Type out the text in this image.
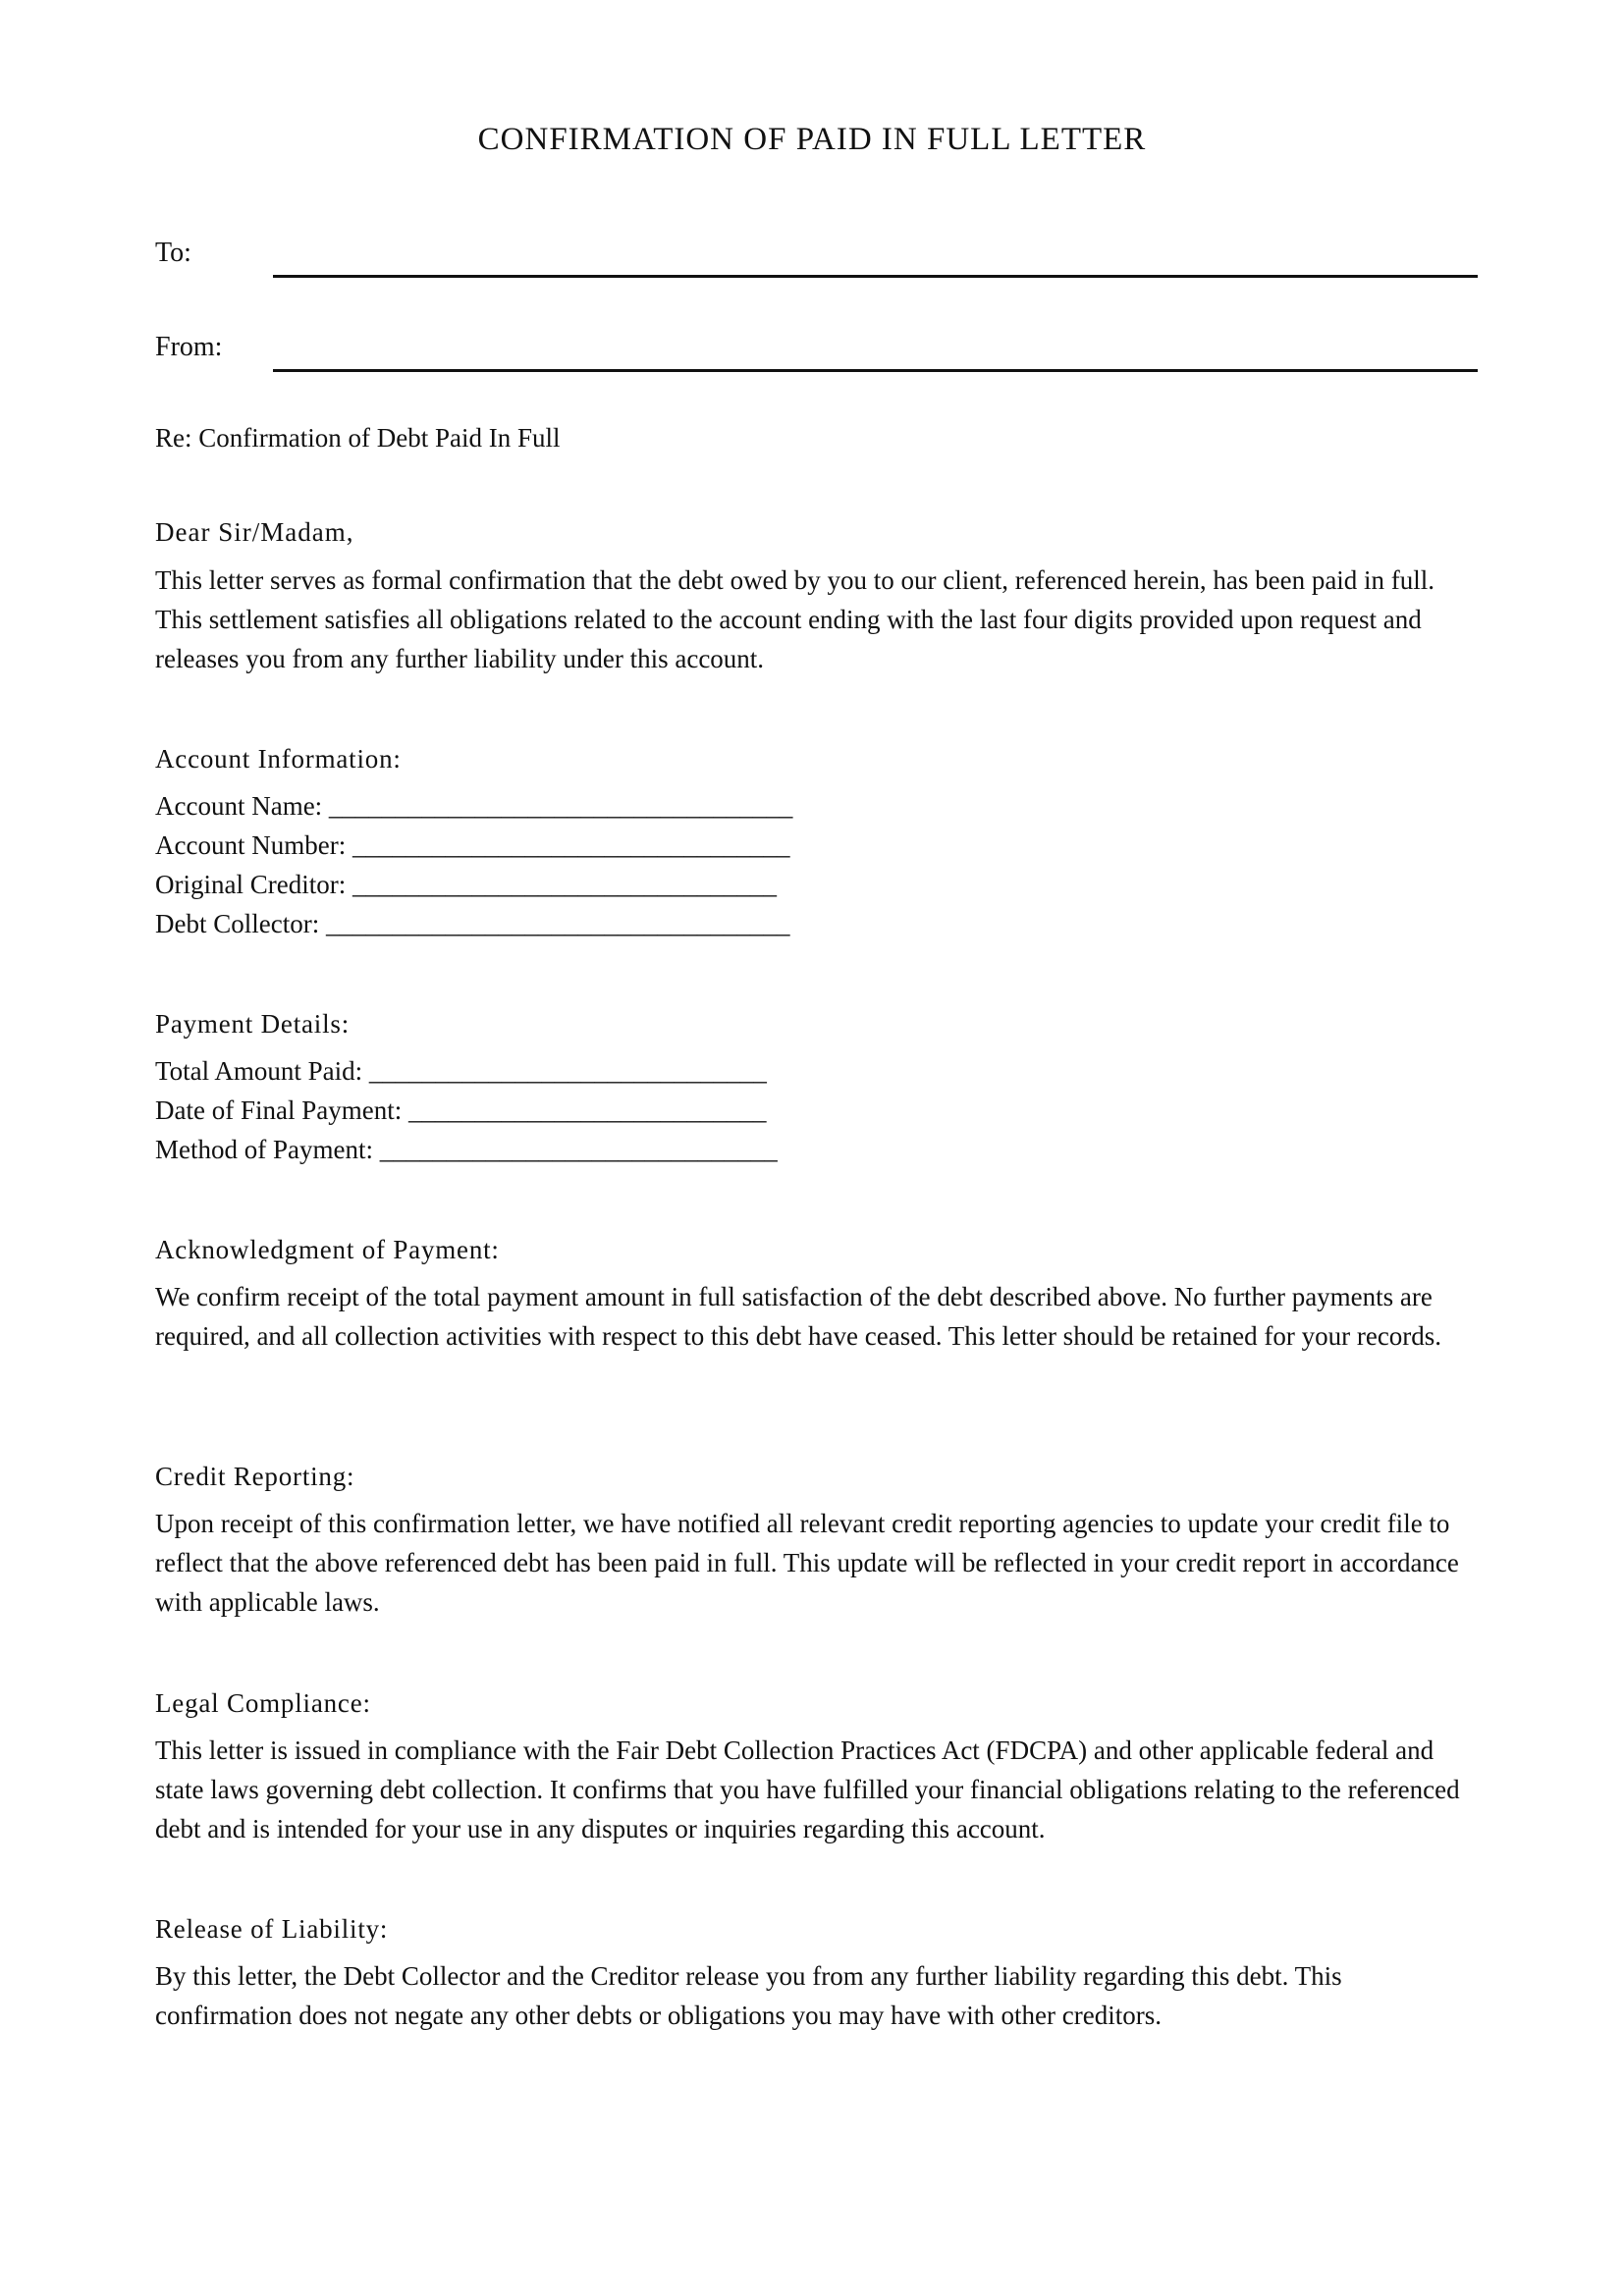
CONFIRMATION OF PAID IN FULL LETTER
To:
From:
Re: Confirmation of Debt Paid In Full
Dear Sir/Madam,
This letter serves as formal confirmation that the debt owed by you to our client, referenced herein, has been paid in full. This settlement satisfies all obligations related to the account ending with the last four digits provided upon request and releases you from any further liability under this account.
Account Information:
Account Name: ___________________________________
Account Number: _________________________________
Original Creditor: ________________________________
Debt Collector: ___________________________________
Payment Details:
Total Amount Paid: ______________________________
Date of Final Payment: ___________________________
Method of Payment: ______________________________
Acknowledgment of Payment:
We confirm receipt of the total payment amount in full satisfaction of the debt described above. No further payments are required, and all collection activities with respect to this debt have ceased. This letter should be retained for your records.
Credit Reporting:
Upon receipt of this confirmation letter, we have notified all relevant credit reporting agencies to update your credit file to reflect that the above referenced debt has been paid in full. This update will be reflected in your credit report in accordance with applicable laws.
Legal Compliance:
This letter is issued in compliance with the Fair Debt Collection Practices Act (FDCPA) and other applicable federal and state laws governing debt collection. It confirms that you have fulfilled your financial obligations relating to the referenced debt and is intended for your use in any disputes or inquiries regarding this account.
Release of Liability:
By this letter, the Debt Collector and the Creditor release you from any further liability regarding this debt. This confirmation does not negate any other debts or obligations you may have with other creditors.
